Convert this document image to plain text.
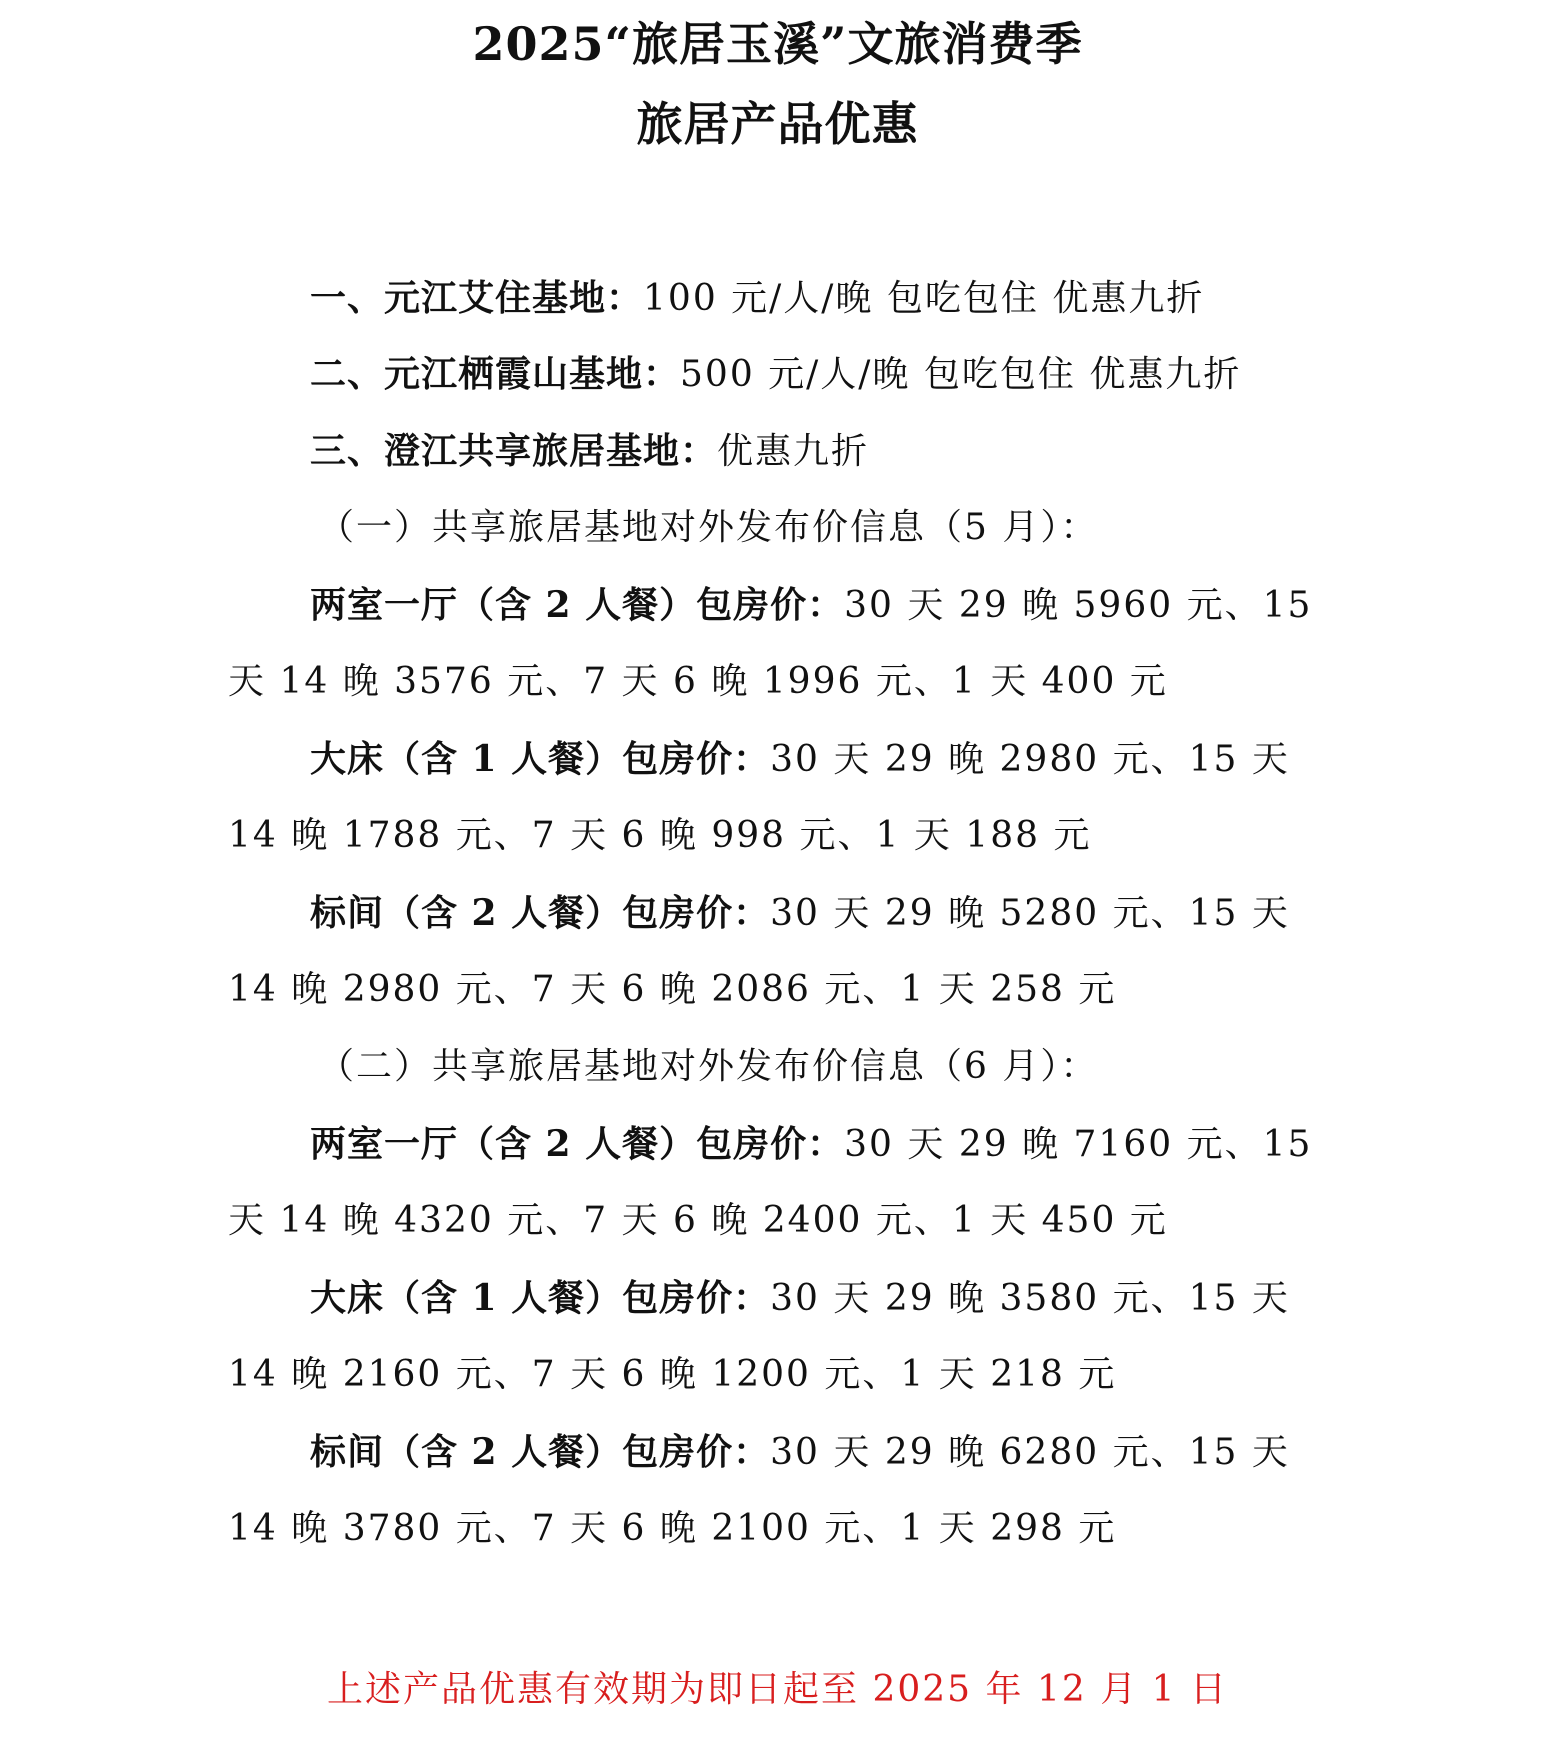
2025“旅居玉溪”文旅消费季
旅居产品优惠
一、元江艾住基地：100 元/人/晚 包吃包住 优惠九折
二、元江栖霞山基地：500 元/人/晚 包吃包住 优惠九折
三、澄江共享旅居基地：优惠九折
（一）共享旅居基地对外发布价信息（5 月）：
两室一厅（含 2 人餐）包房价：30 天 29 晚 5960 元、15
天 14 晚 3576 元、7 天 6 晚 1996 元、1 天 400 元
大床（含 1 人餐）包房价：30 天 29 晚 2980 元、15 天
14 晚 1788 元、7 天 6 晚 998 元、1 天 188 元
标间（含 2 人餐）包房价：30 天 29 晚 5280 元、15 天
14 晚 2980 元、7 天 6 晚 2086 元、1 天 258 元
（二）共享旅居基地对外发布价信息（6 月）：
两室一厅（含 2 人餐）包房价：30 天 29 晚 7160 元、15
天 14 晚 4320 元、7 天 6 晚 2400 元、1 天 450 元
大床（含 1 人餐）包房价：30 天 29 晚 3580 元、15 天
14 晚 2160 元、7 天 6 晚 1200 元、1 天 218 元
标间（含 2 人餐）包房价：30 天 29 晚 6280 元、15 天
14 晚 3780 元、7 天 6 晚 2100 元、1 天 298 元
上述产品优惠有效期为即日起至 2025 年 12 月 1 日
